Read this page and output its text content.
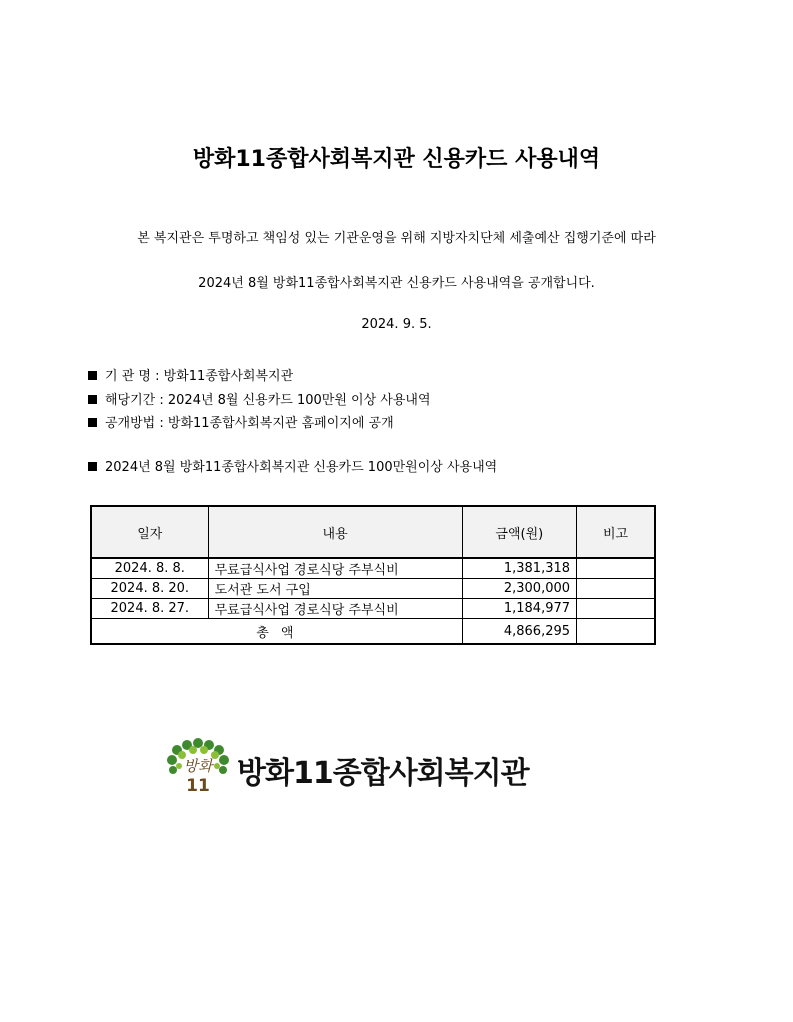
방화11종합사회복지관 신용카드 사용내역
본 복지관은 투명하고 책임성 있는 기관운영을 위해 지방자치단체 세출예산 집행기준에 따라
2024년 8월 방화11종합사회복지관 신용카드 사용내역을 공개합니다.
2024. 9. 5.
기 관 명 : 방화11종합사회복지관
해당기간 : 2024년 8월 신용카드 100만원 이상 사용내역
공개방법 : 방화11종합사회복지관 홈페이지에 공개
2024년 8월 방화11종합사회복지관 신용카드 100만원이상 사용내역
일자	내용	금액(원)	비고
2024. 8. 8.	무료급식사업 경로식당 주부식비	1,381,318	
2024. 8. 20.	도서관 도서 구입	2,300,000	
2024. 8. 27.	무료급식사업 경로식당 주부식비	1,184,977	
총 액		4,866,295	
방화
11 방화11종합사회복지관
